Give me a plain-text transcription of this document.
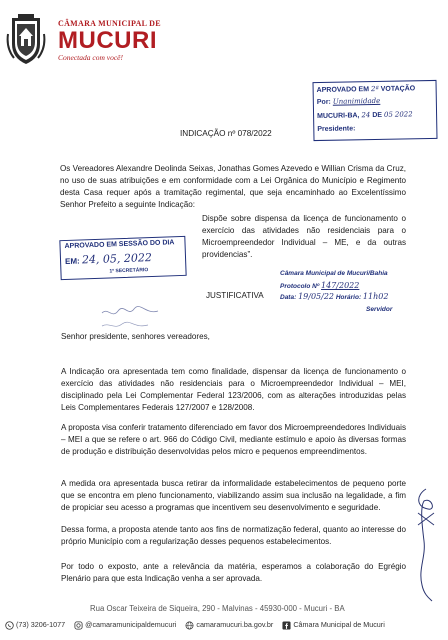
CÂMARA MUNICIPAL DE
MUCURI
Conectada com você!
APROVADO EM 2ª VOTAÇÃO
Por: Unanimidade
MUCURI-BA, 24 DE 05 2022
Presidente:
INDICAÇÃO nº 078/2022

Os Vereadores Alexandre Deolinda Seixas, Jonathas Gomes Azevedo e Willian Crisma da Cruz, no uso de suas atribuições e em conformidade com a Lei Orgânica do Município e Regimento desta Casa requer após a tramitação regimental, que seja encaminhado ao Excelentíssimo Senhor Prefeito a seguinte Indicação:

Dispõe sobre dispensa da licença de funcionamento o exercício das atividades não residenciais para o Microempreendedor Individual – ME, e da outras providencias”.

APROVADO EM SESSÃO DO DIA
EM: 24, 05, 2022
1º SECRETÁRIO	Câmara Municipal de Mucuri/Bahia
Protocolo Nº 147/2022
Data: 19/05/22 Horário: 11h02
Servidor
JUSTIFICATIVA
Senhor presidente, senhores vereadores,

A Indicação ora apresentada tem como finalidade, dispensar da licença de funcionamento o exercício das atividades não residenciais para o Microempreendedor Individual – MEI, disciplinado pela Lei Complementar Federal 123/2006, com as alterações introduzidas pelas Leis Complementares Federais 127/2007 e 128/2008.

A proposta visa conferir tratamento diferenciado em favor dos Microempreendedores Individuais – MEI a que se refere o art. 966 do Código Civil, mediante estímulo e apoio às diversas formas de produção e distribuição desenvolvidas pelos micro e pequenos empreendimentos.

A medida ora apresentada busca retirar da informalidade estabelecimentos de pequeno porte que se encontra em pleno funcionamento, viabilizando assim sua inclusão na legalidade, a fim de propiciar seu acesso a programas que incentivem seu desenvolvimento e seguridade.

Dessa forma, a proposta atende tanto aos fins de normatização federal, quanto ao interesse do próprio Município com a regularização desses pequenos estabelecimentos.

Por todo o exposto, ante a relevância da matéria, esperamos a colaboração do Egrégio Plenário para que esta Indicação venha a ser aprovada.

Rua Oscar Teixeira de Siqueira, 290 - Malvinas - 45930-000 - Mucuri - BA
(73) 3206-1077	@camaramunicipaldemucuri	camaramucuri.ba.gov.br	Câmara Municipal de Mucuri
